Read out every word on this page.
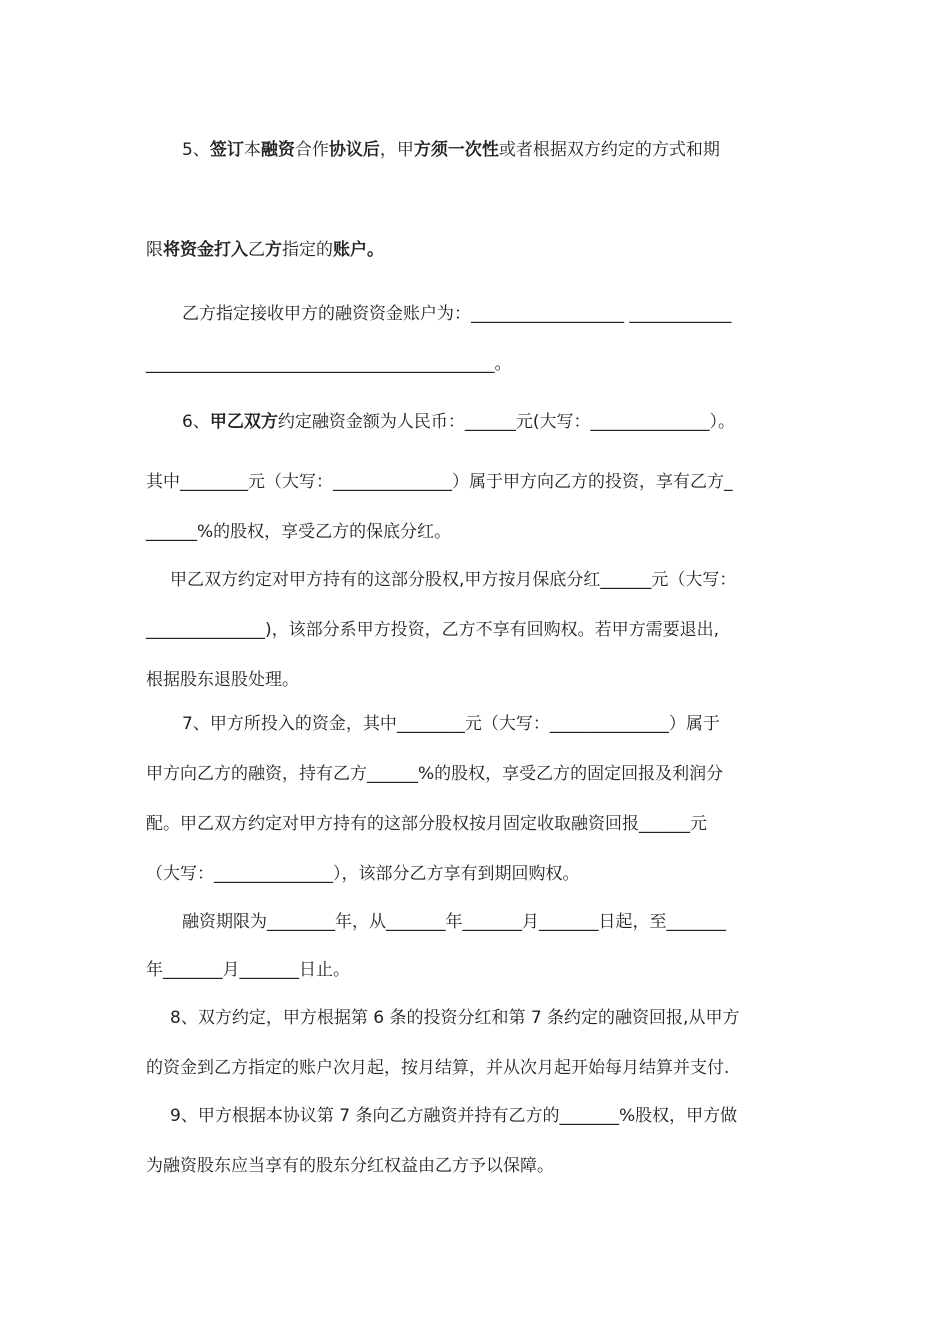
5、签订本融资合作协议后，甲方须一次性或者根据双方约定的方式和期
限将资金打入乙方指定的账户。
乙方指定接收甲方的融资资金账户为：__________________ ____________
_________________________________________。
6、甲乙双方约定融资金额为人民币：______元(大写：______________）。
其中________元（大写：______________）属于甲方向乙方的投资，享有乙方_
______%的股权，享受乙方的保底分红。
甲乙双方约定对甲方持有的这部分股权,甲方按月保底分红______元（大写：
______________)，该部分系甲方投资，乙方不享有回购权。若甲方需要退出,
根据股东退股处理。
7、甲方所投入的资金，其中________元（大写：______________）属于
甲方向乙方的融资，持有乙方______%的股权，享受乙方的固定回报及利润分
配。甲乙双方约定对甲方持有的这部分股权按月固定收取融资回报______元
（大写：______________），该部分乙方享有到期回购权。
融资期限为________年，从_______年_______月_______日起，至_______
年_______月_______日止。
8、双方约定，甲方根据第 6 条的投资分红和第 7 条约定的融资回报,从甲方
的资金到乙方指定的账户次月起，按月结算，并从次月起开始每月结算并支付.
9、甲方根据本协议第 7 条向乙方融资并持有乙方的_______%股权，甲方做
为融资股东应当享有的股东分红权益由乙方予以保障。
